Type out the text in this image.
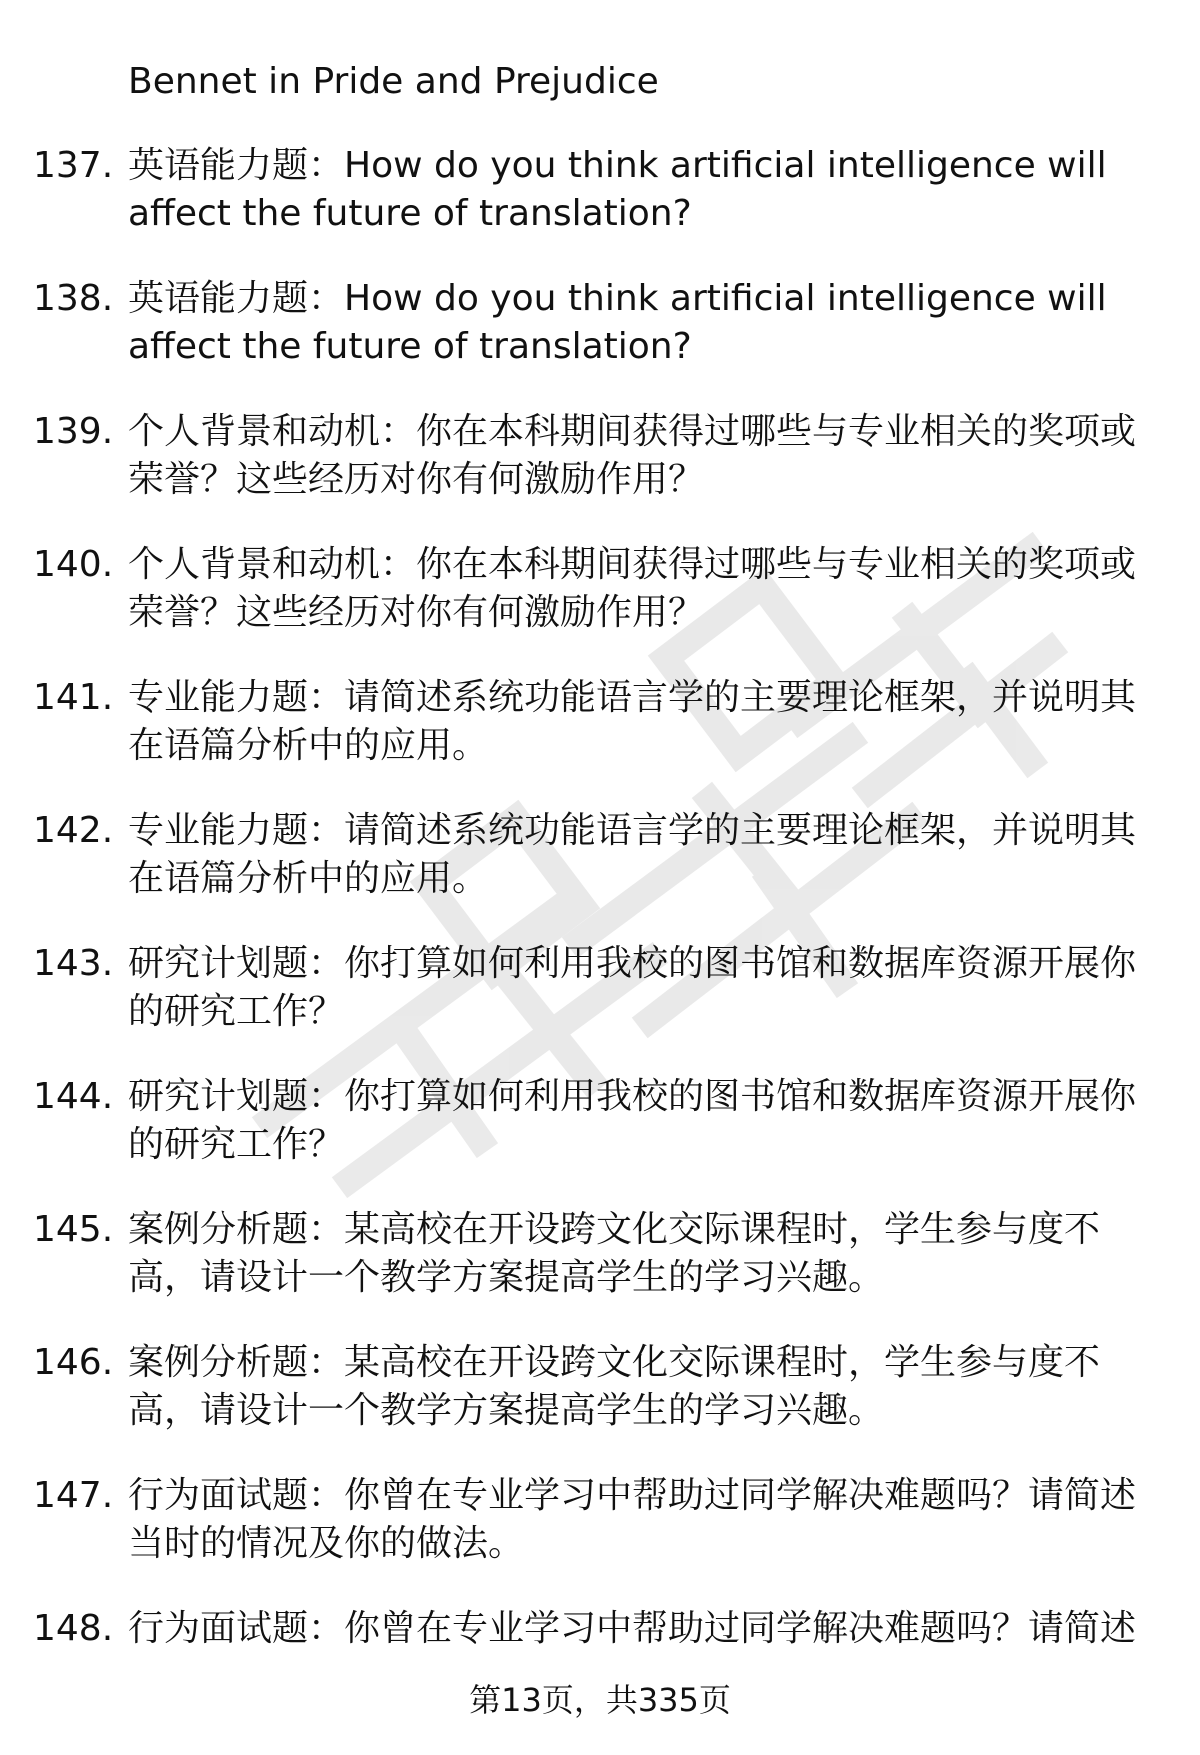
Bennet in Pride and Prejudice
137. 英语能力题：How do you think artificial intelligence will
affect the future of translation?
138. 英语能力题：How do you think artificial intelligence will
affect the future of translation?
139. 个人背景和动机：你在本科期间获得过哪些与专业相关的奖项或
荣誉？这些经历对你有何激励作用？
140. 个人背景和动机：你在本科期间获得过哪些与专业相关的奖项或
荣誉？这些经历对你有何激励作用？
141. 专业能力题：请简述系统功能语言学的主要理论框架，并说明其
在语篇分析中的应用。
142. 专业能力题：请简述系统功能语言学的主要理论框架，并说明其
在语篇分析中的应用。
143. 研究计划题：你打算如何利用我校的图书馆和数据库资源开展你
的研究工作？
144. 研究计划题：你打算如何利用我校的图书馆和数据库资源开展你
的研究工作？
145. 案例分析题：某高校在开设跨文化交际课程时，学生参与度不
高，请设计一个教学方案提高学生的学习兴趣。
146. 案例分析题：某高校在开设跨文化交际课程时，学生参与度不
高，请设计一个教学方案提高学生的学习兴趣。
147. 行为面试题：你曾在专业学习中帮助过同学解决难题吗？请简述
当时的情况及你的做法。
148. 行为面试题：你曾在专业学习中帮助过同学解决难题吗？请简述
第13页，共335页
